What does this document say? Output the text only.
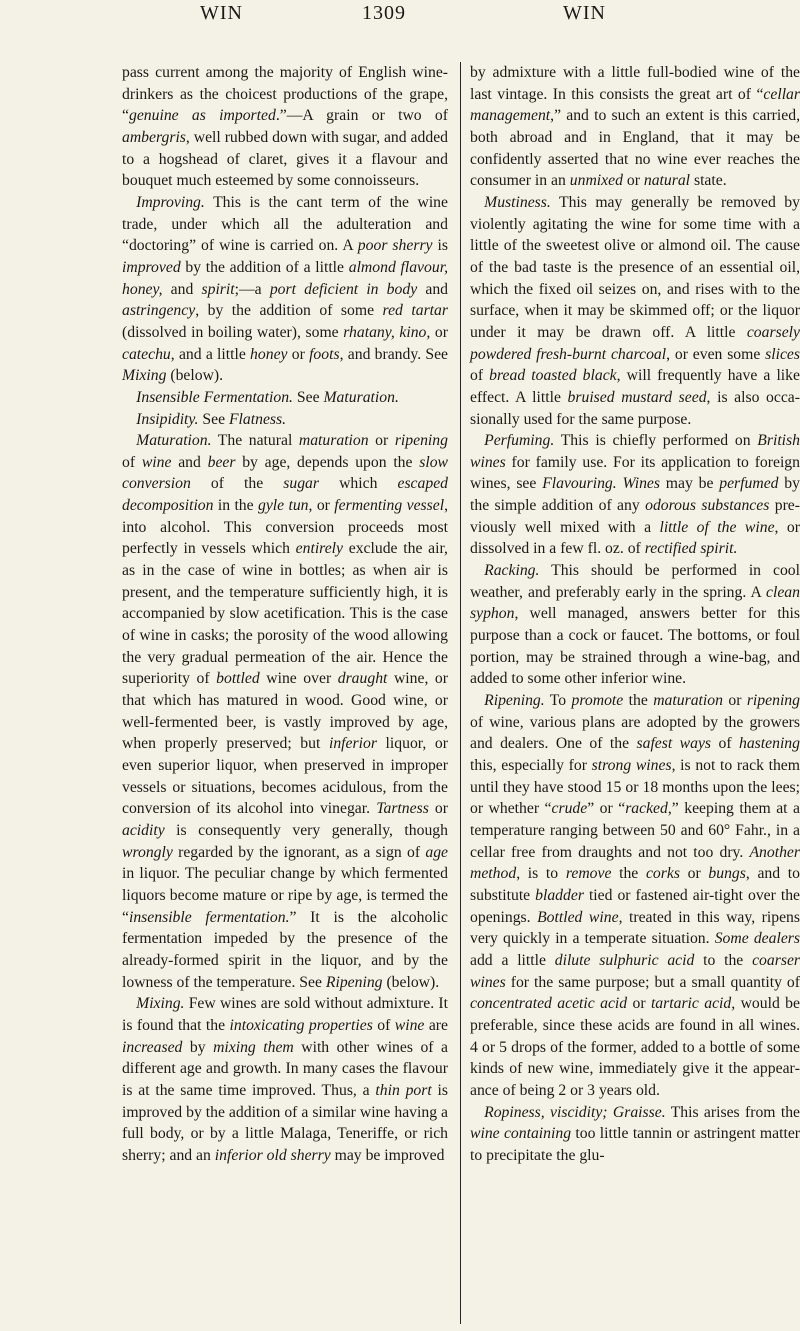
WIN	1309	WIN

pass current among the majority of English wine-drinkers as the choicest productions of the grape, “genuine as imported.”—A grain or two of ambergris, well rubbed down with sugar, and added to a hogshead of claret, gives it a flavour and bouquet much esteemed by some connoisseurs.

Improving. This is the cant term of the wine trade, under which all the adulteration and “doctoring” of wine is carried on. A poor sherry is improved by the addition of a little almond flavour, honey, and spirit;—a port deficient in body and astringency, by the addition of some red tartar (dissolved in boiling water), some rhatany, kino, or catechu, and a little honey or foots, and brandy. See Mixing (below).

Insensible Fermentation. See Maturation.

Insipidity. See Flatness.

Maturation. The natural maturation or ripening of wine and beer by age, depends upon the slow conversion of the sugar which escaped decomposition in the gyle tun, or fermenting vessel, into alcohol. This conversion proceeds most perfectly in vessels which entirely exclude the air, as in the case of wine in bottles; as when air is present, and the temperature sufficiently high, it is accompanied by slow acetification. This is the case of wine in casks; the porosity of the wood allowing the very gradual permeation of the air. Hence the superiority of bottled wine over draught wine, or that which has matured in wood. Good wine, or well-fermented beer, is vastly improved by age, when properly preserved; but inferior liquor, or even superior liquor, when preserved in improper vessels or situations, becomes acidulous, from the conversion of its alcohol into vinegar. Tartness or acidity is consequently very generally, though wrongly regarded by the ignorant, as a sign of age in liquor. The peculiar change by which fermented liquors become mature or ripe by age, is termed the “insensible fermentation.” It is the alcoholic fermentation impeded by the presence of the already-formed spirit in the liquor, and by the lowness of the temperature. See Ripening (below).

Mixing. Few wines are sold without admixture. It is found that the intoxicating properties of wine are increased by mixing them with other wines of a different age and growth. In many cases the flavour is at the same time improved. Thus, a thin port is improved by the addition of a similar wine having a full body, or by a little Malaga, Teneriffe, or rich sherry; and an inferior old sherry may be improved

by admixture with a little full-bodied wine of the last vintage. In this consists the great art of “cellar management,” and to such an extent is this carried, both abroad and in England, that it may be confidently asserted that no wine ever reaches the consumer in an unmixed or natural state.

Mustiness. This may generally be removed by violently agitating the wine for some time with a little of the sweetest olive or almond oil. The cause of the bad taste is the presence of an essential oil, which the fixed oil seizes on, and rises with to the surface, when it may be skimmed off; or the liquor under it may be drawn off. A little coarsely powdered fresh-burnt charcoal, or even some slices of bread toasted black, will frequently have a like effect. A little bruised mustard seed, is also occasionally used for the same purpose.

Perfuming. This is chiefly performed on British wines for family use. For its application to foreign wines, see Flavouring. Wines may be perfumed by the simple addition of any odorous substances previously well mixed with a little of the wine, or dissolved in a few fl. oz. of rectified spirit.

Racking. This should be performed in cool weather, and preferably early in the spring. A clean syphon, well managed, answers better for this purpose than a cock or faucet. The bottoms, or foul portion, may be strained through a wine-bag, and added to some other inferior wine.

Ripening. To promote the maturation or ripening of wine, various plans are adopted by the growers and dealers. One of the safest ways of hastening this, especially for strong wines, is not to rack them until they have stood 15 or 18 months upon the lees; or whether “crude” or “racked,” keeping them at a temperature ranging between 50 and 60° Fahr., in a cellar free from draughts and not too dry. Another method, is to remove the corks or bungs, and to substitute bladder tied or fastened air-tight over the openings. Bottled wine, treated in this way, ripens very quickly in a temperate situation. Some dealers add a little dilute sulphuric acid to the coarser wines for the same purpose; but a small quantity of concentrated acetic acid or tartaric acid, would be preferable, since these acids are found in all wines. 4 or 5 drops of the former, added to a bottle of some kinds of new wine, immediately give it the appearance of being 2 or 3 years old.

Ropiness, viscidity; Graisse. This arises from the wine containing too little tannin or astringent matter to precipitate the glu-
